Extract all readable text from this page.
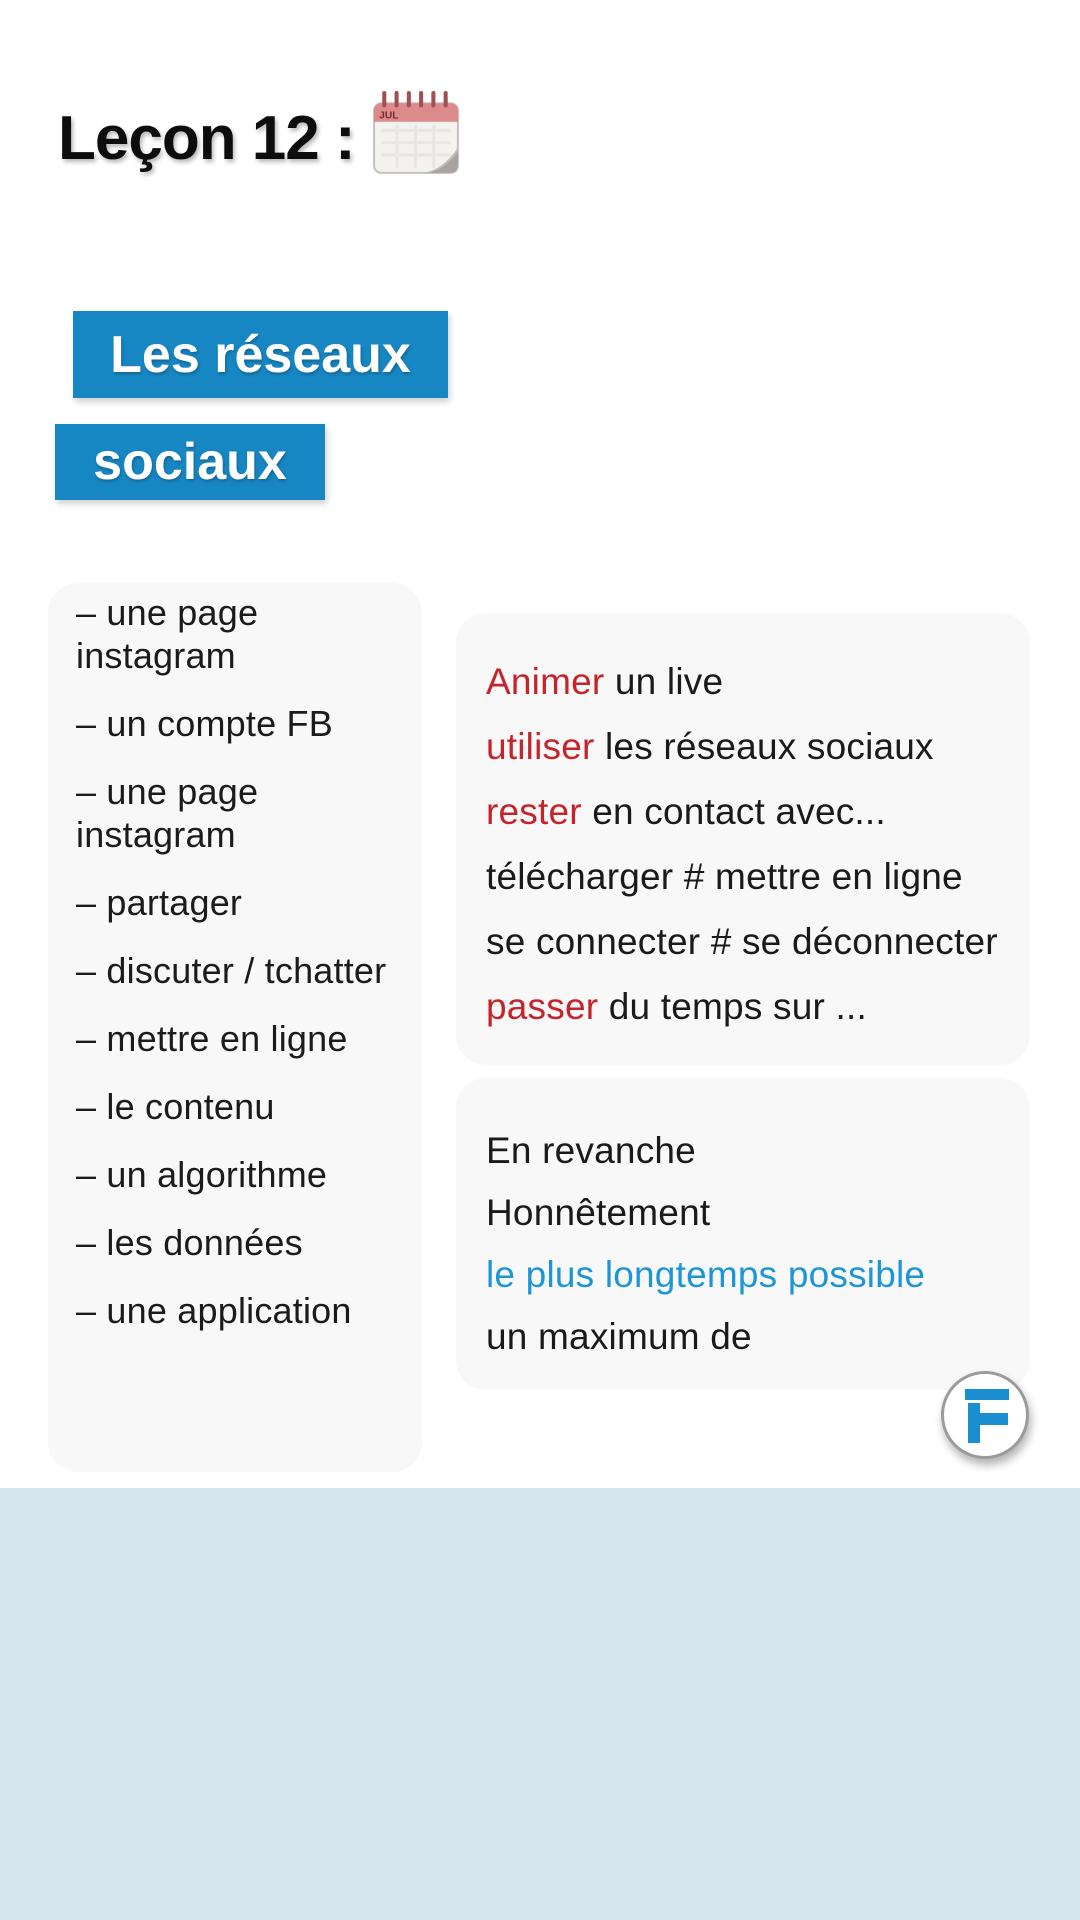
Leçon 12 : JUL
Les réseaux
sociaux
– une page instagram
– un compte FB
– une page instagram
– partager
– discuter / tchatter
– mettre en ligne
– le contenu
– un algorithme
– les données
– une application
Animer un live
utiliser les réseaux sociaux
rester en contact avec...
télécharger # mettre en ligne
se connecter # se déconnecter
passer du temps sur ...
En revanche
Honnêtement
le plus longtemps possible
un maximum de
